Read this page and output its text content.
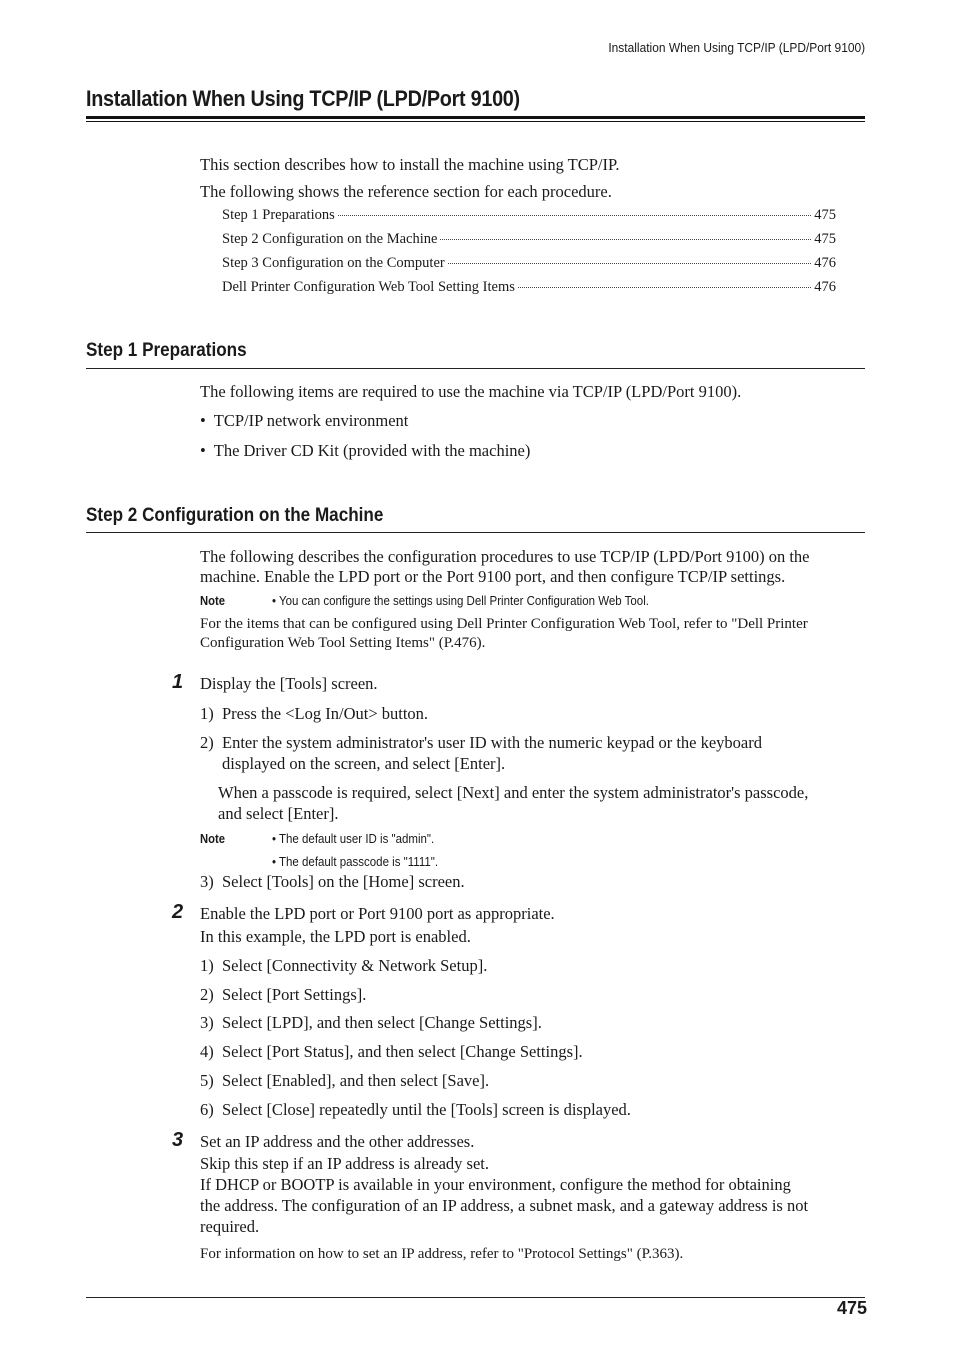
Installation When Using TCP/IP (LPD/Port 9100)
Installation When Using TCP/IP (LPD/Port 9100)
This section describes how to install the machine using TCP/IP.
The following shows the reference section for each procedure.
Step 1 Preparations	475
Step 2 Configuration on the Machine	475
Step 3 Configuration on the Computer	476
Dell Printer Configuration Web Tool Setting Items	476
Step 1 Preparations
The following items are required to use the machine via TCP/IP (LPD/Port 9100).
• TCP/IP network environment
• The Driver CD Kit (provided with the machine)
Step 2 Configuration on the Machine
The following describes the configuration procedures to use TCP/IP (LPD/Port 9100) on the
machine. Enable the LPD port or the Port 9100 port, and then configure TCP/IP settings.
Note	• You can configure the settings using Dell Printer Configuration Web Tool.
For the items that can be configured using Dell Printer Configuration Web Tool, refer to "Dell Printer
Configuration Web Tool Setting Items" (P.476).
1 Display the [Tools] screen.
1) Press the <Log In/Out> button.
2) Enter the system administrator's user ID with the numeric keypad or the keyboard
displayed on the screen, and select [Enter].
When a passcode is required, select [Next] and enter the system administrator's passcode,
and select [Enter].
Note	• The default user ID is "admin".
• The default passcode is "1111".
3) Select [Tools] on the [Home] screen.
2 Enable the LPD port or Port 9100 port as appropriate.
In this example, the LPD port is enabled.
1) Select [Connectivity & Network Setup].
2) Select [Port Settings].
3) Select [LPD], and then select [Change Settings].
4) Select [Port Status], and then select [Change Settings].
5) Select [Enabled], and then select [Save].
6) Select [Close] repeatedly until the [Tools] screen is displayed.
3 Set an IP address and the other addresses.
Skip this step if an IP address is already set.
If DHCP or BOOTP is available in your environment, configure the method for obtaining
the address. The configuration of an IP address, a subnet mask, and a gateway address is not
required.
For information on how to set an IP address, refer to "Protocol Settings" (P.363).
475
